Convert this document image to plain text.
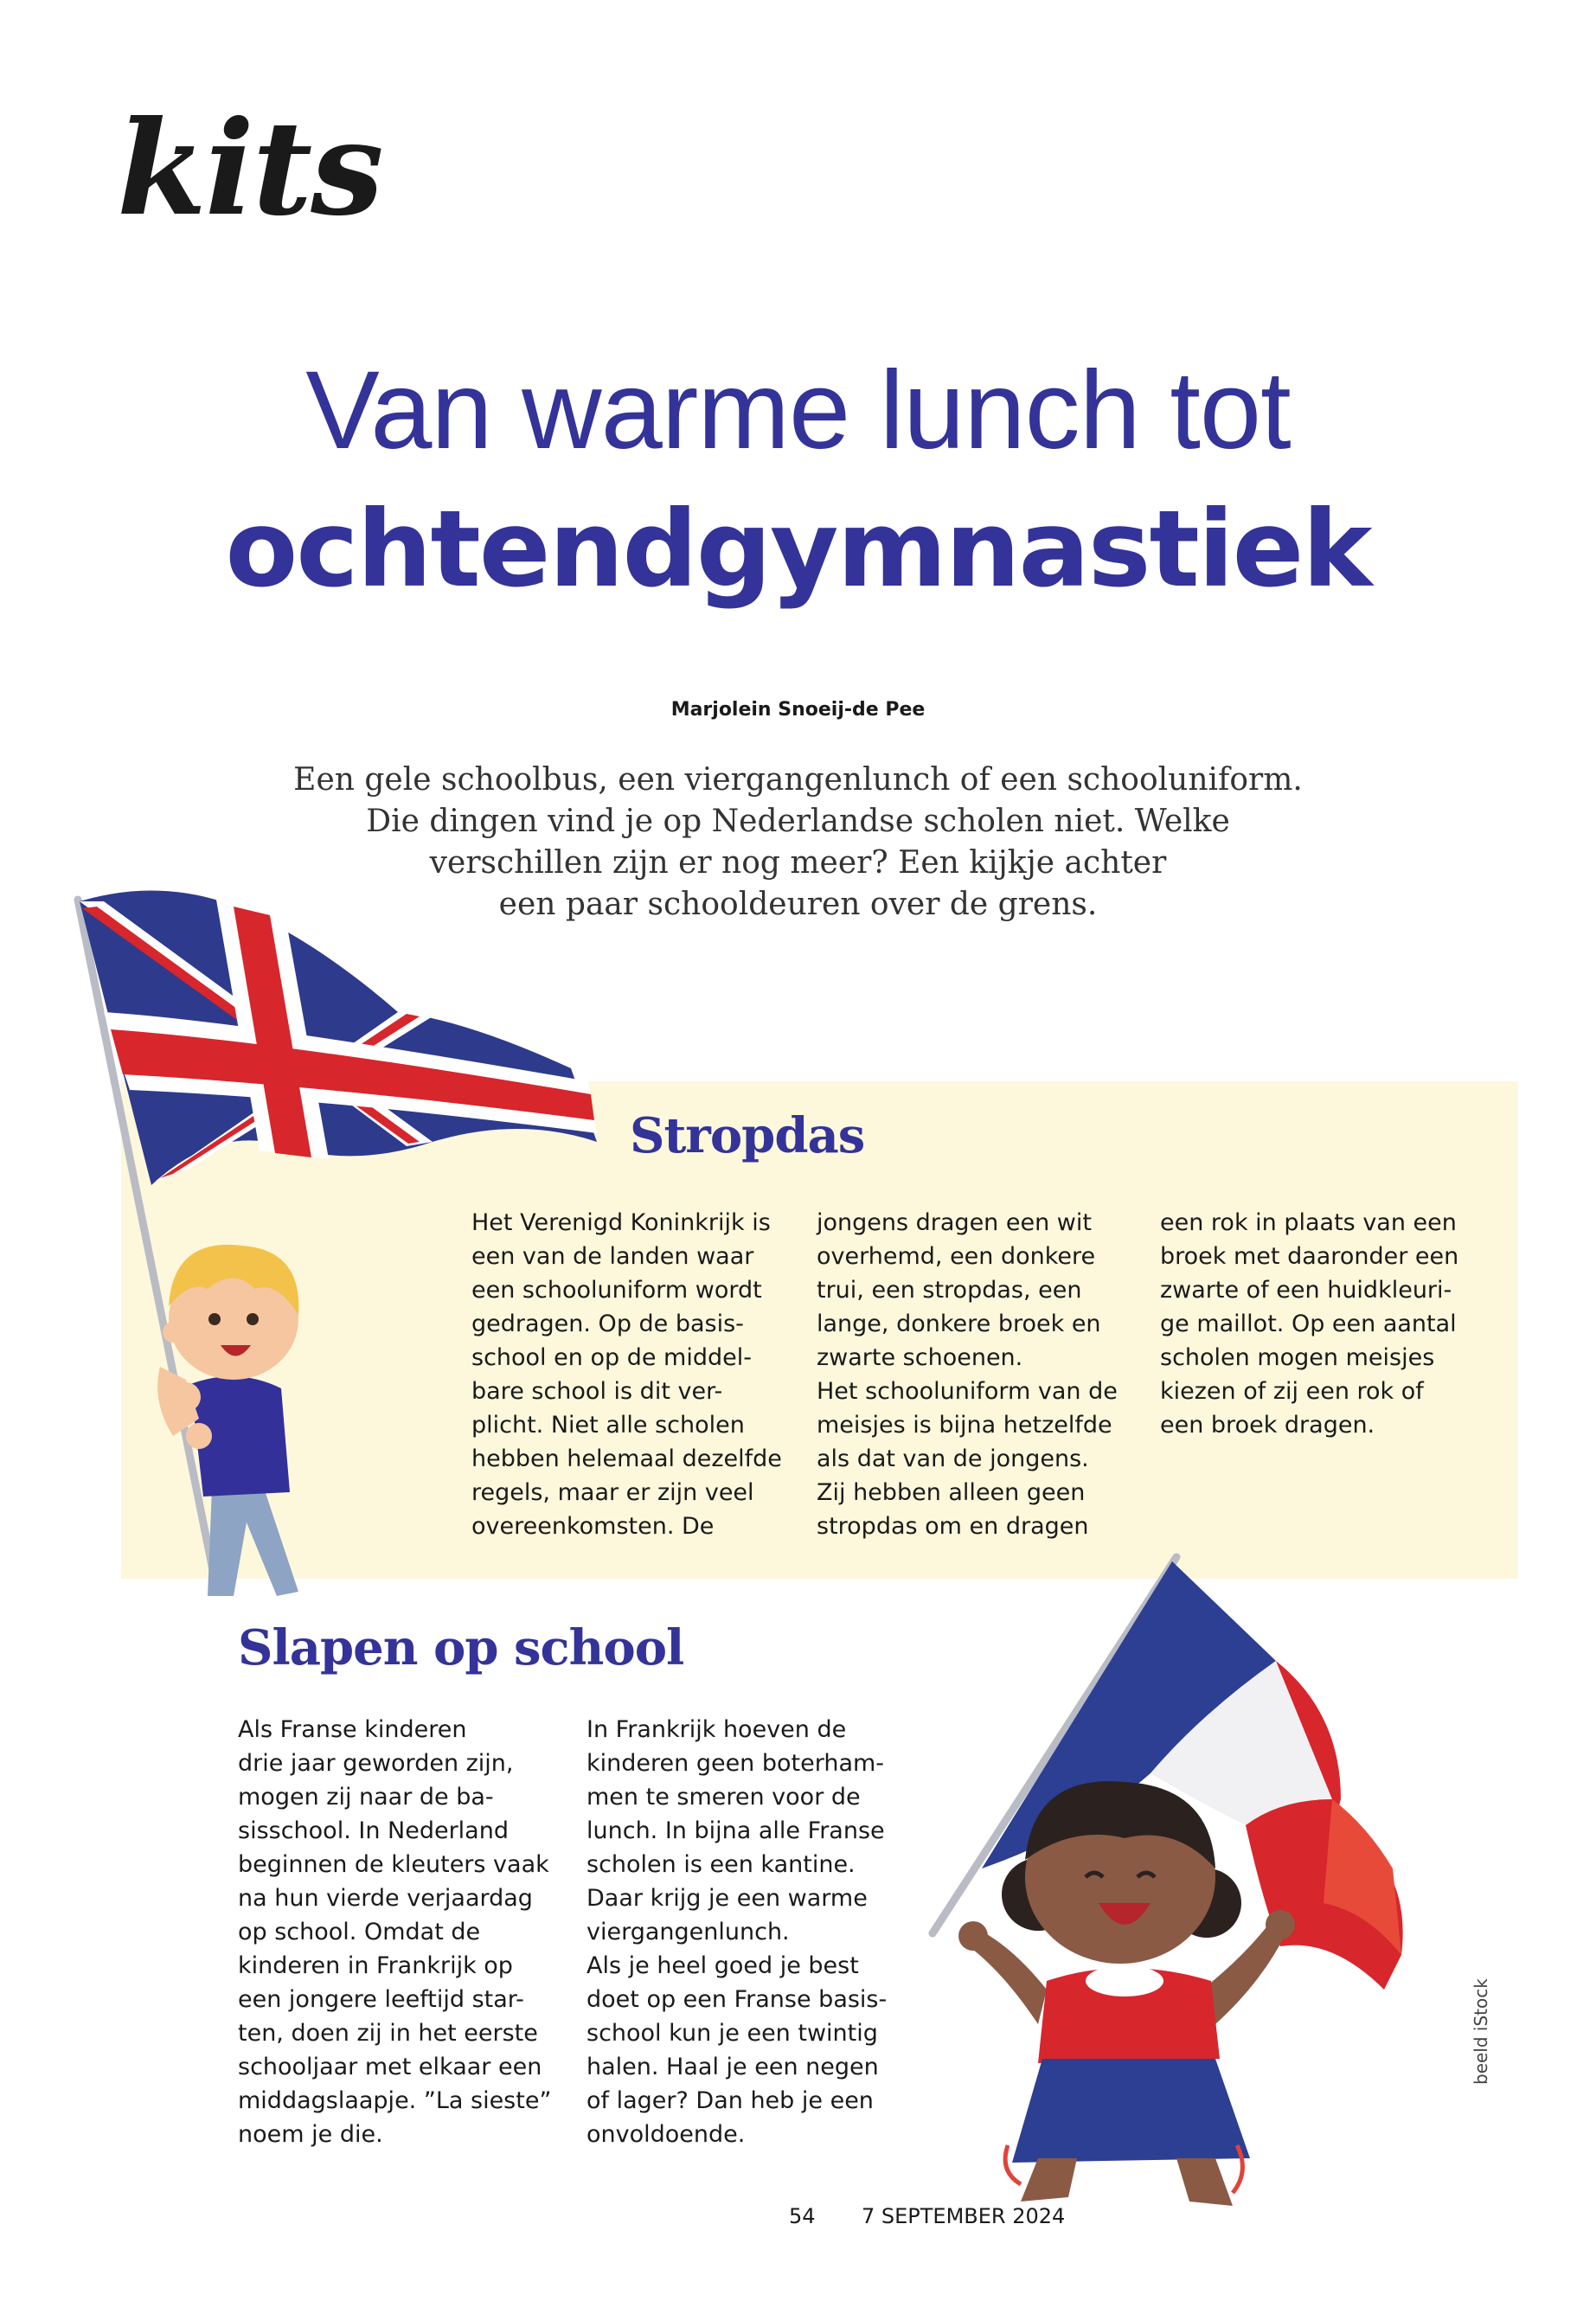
kits
Van warme lunch tot
ochtendgymnastiek
Marjolein Snoeij-de Pee
Een gele schoolbus, een viergangenlunch of een schooluniform.
Die dingen vind je op Nederlandse scholen niet. Welke
verschillen zijn er nog meer? Een kijkje achter
een paar schooldeuren over de grens.
Stropdas
Het Verenigd Koninkrijk is
een van de landen waar
een schooluniform wordt
gedragen. Op de basis-
school en op de middel-
bare school is dit ver-
plicht. Niet alle scholen
hebben helemaal dezelfde
regels, maar er zijn veel
overeenkomsten. De
jongens dragen een wit
overhemd, een donkere
trui, een stropdas, een
lange, donkere broek en
zwarte schoenen.
Het schooluniform van de
meisjes is bijna hetzelfde
als dat van de jongens.
Zij hebben alleen geen
stropdas om en dragen
een rok in plaats van een
broek met daaronder een
zwarte of een huidkleuri-
ge maillot. Op een aantal
scholen mogen meisjes
kiezen of zij een rok of
een broek dragen.
Slapen op school
Als Franse kinderen
drie jaar geworden zijn,
mogen zij naar de ba-
sisschool. In Nederland
beginnen de kleuters vaak
na hun vierde verjaardag
op school. Omdat de
kinderen in Frankrijk op
een jongere leeftijd star-
ten, doen zij in het eerste
schooljaar met elkaar een
middagslaapje. ”La sieste”
noem je die.
In Frankrijk hoeven de
kinderen geen boterham-
men te smeren voor de
lunch. In bijna alle Franse
scholen is een kantine.
Daar krijg je een warme
viergangenlunch.
Als je heel goed je best
doet op een Franse basis-
school kun je een twintig
halen. Haal je een negen
of lager? Dan heb je een
onvoldoende.
beeld iStock
54 7 SEPTEMBER 2024
